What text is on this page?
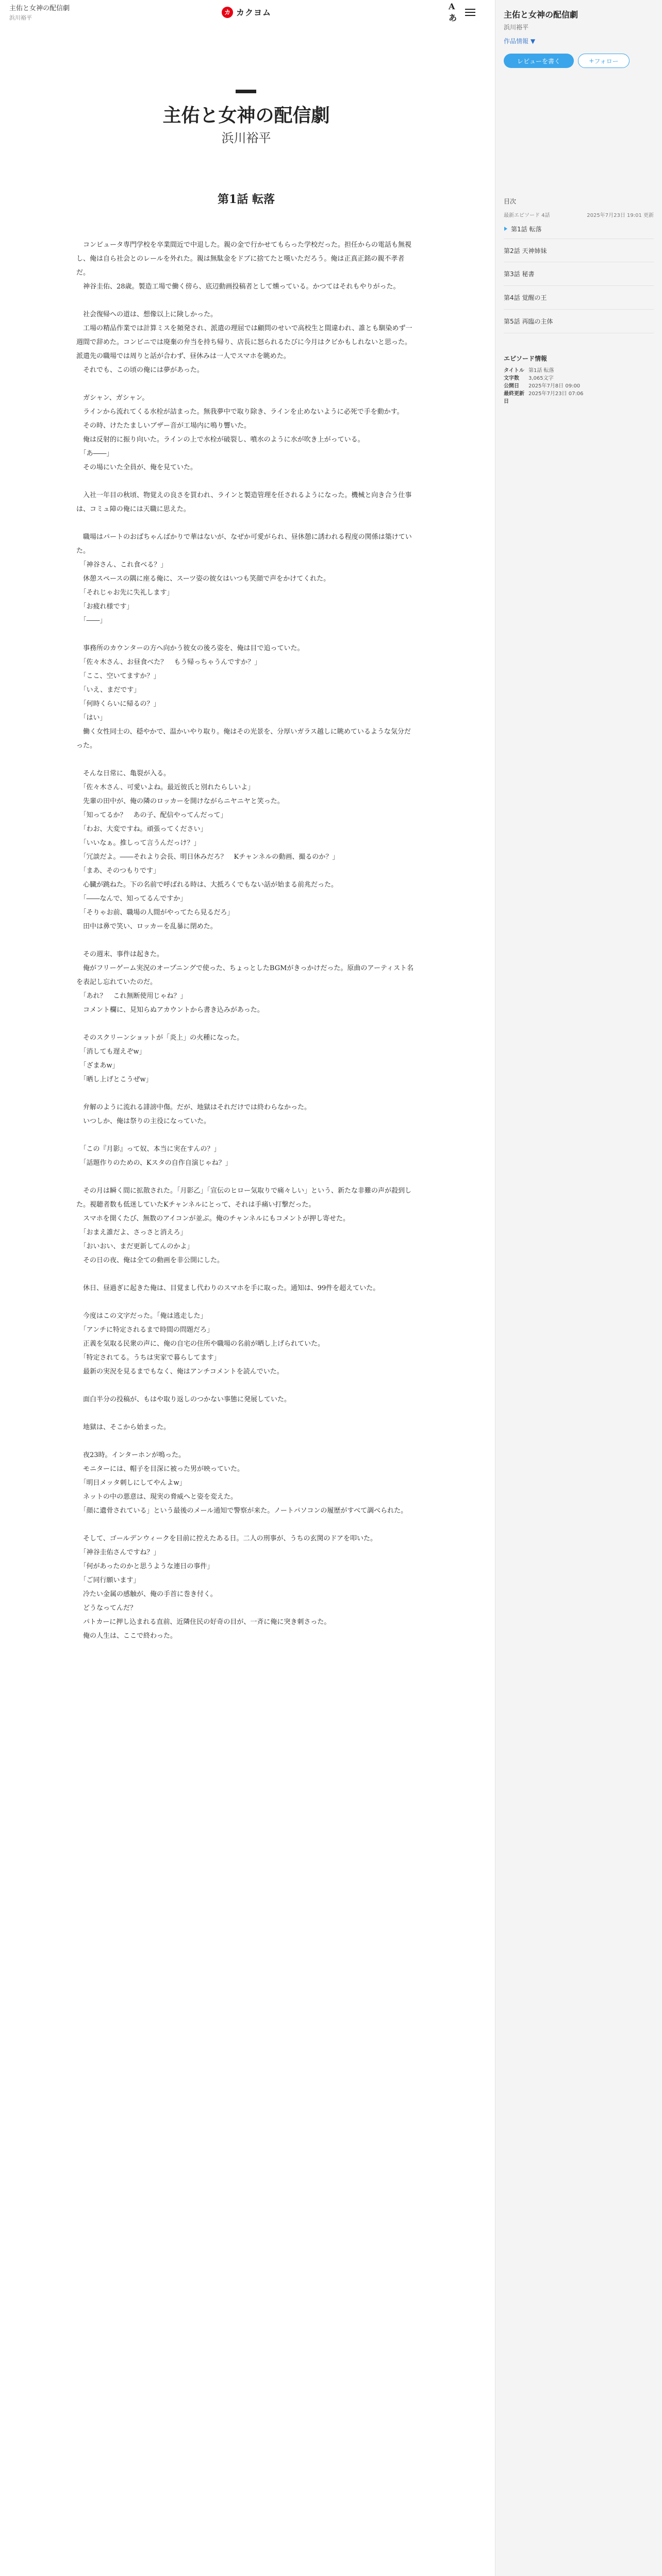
主佑と女神の配信劇
浜川裕平
カ カクヨム
Aあ
主佑と女神の配信劇
浜川裕平
第1話 転落

　コンビュータ専門学校を卒業間近で中退した。親の金で行かせてもらった学校だった。担任からの電話も無視し、俺は自ら社会とのレールを外れた。親は無駄金をドブに捨てたと嘆いただろう。俺は正真正銘の親不孝者だ。

　神谷圭佑、28歳。製造工場で働く傍ら、底辺動画投稿者として燻っている。かつてはそれもやりがった。

　社会復帰への道は、想像以上に険しかった。

　工場の精品作業では計算ミスを頻発され、派遣の理屈では顧問のせいで高校生と間違われ、誰とも馴染めず一週間で辞めた。コンビニでは廃棄の弁当を持ち帰り、店長に怒られるたびに今月はクビかもしれないと思った。派遣先の職場では周りと話が合わず、昼休みは一人でスマホを眺めた。

　それでも、この頃の俺には夢があった。

　ガシャン、ガシャン。

　ラインから流れてくる水栓が詰まった。無我夢中で取り除き、ラインを止めないように必死で手を動かす。

　その時、けたたましいブザー音が工場内に鳴り響いた。

　俺は反射的に振り向いた。ラインの上で水栓が破裂し、噴水のように水が吹き上がっている。

　「あ――」

　その場にいた全員が、俺を見ていた。

　入社一年目の秋頃、物覚えの良さを買われ、ラインと製造管理を任されるようになった。機械と向き合う仕事は、コミュ障の俺には天職に思えた。

　職場はパートのおばちゃんばかりで華はないが、なぜか可愛がられ、昼休憩に誘われる程度の関係は築けていた。

　「神谷さん、これ食べる？」

　休憩スペースの隅に座る俺に、スーツ姿の彼女はいつも笑顔で声をかけてくれた。

　「それじゃお先に失礼します」

　「お疲れ様です」

　「――」

　事務所のカウンターの方へ向かう彼女の後ろ姿を、俺は目で追っていた。

　「佐々木さん、お昼食べた？　もう帰っちゃうんですか？」

　「ここ、空いてますか？」

　「いえ、まだです」

　「何時くらいに帰るの？」

　「はい」

　働く女性同士の、穏やかで、温かいやり取り。俺はその光景を、分厚いガラス越しに眺めているような気分だった。

　そんな日常に、亀裂が入る。

　「佐々木さん、可愛いよね。最近彼氏と別れたらしいよ」

　先輩の田中が、俺の隣のロッカーを開けながらニヤニヤと笑った。

　「知ってるか？　あの子、配信やってんだって」

　「わお、大変ですね。頑張ってください」

　「いいなぁ。推しって言うんだっけ？」

　「冗談だよ。――それより会長、明日休みだろ？　Kチャンネルの動画、撮るのか？」

　「まあ、そのつもりです」

　心臓が跳ねた。下の名前で呼ばれる時は、大抵ろくでもない話が始まる前兆だった。

　「――なんで、知ってるんですか」

　「そりゃお前、職場の人間がやってたら見るだろ」

　田中は鼻で笑い、ロッカーを乱暴に閉めた。

　その週末、事件は起きた。

　俺がフリーゲーム実況のオープニングで使った、ちょっとしたBGMがきっかけだった。原曲のアーティスト名を表記し忘れていたのだ。

　「あれ？　これ無断使用じゃね？」

　コメント欄に、見知らぬアカウントから書き込みがあった。

　そのスクリーンショットが「炎上」の火種になった。

　「消しても遅えぞw」

　「ざまあw」

　「晒し上げとこうぜw」

　弁解のように流れる誹謗中傷。だが、地獄はそれだけでは終わらなかった。

　いつしか、俺は祭りの主役になっていた。

　「この『月影』って奴、本当に実在すんの？」

　「話題作りのための、Kスタの自作自演じゃね？」

　その月は瞬く間に拡散された。「月影乙」「宣伝のヒロー気取りで痛々しい」という、新たな非難の声が殺到した。視聴者数も低迷していたKチャンネルにとって、それは手痛い打撃だった。

　スマホを開くたび、無数のアイコンが並ぶ。俺のチャンネルにもコメントが押し寄せた。

　「おまえ誰だよ、さっさと消えろ」

　「おいおい、まだ更新してんのかよ」

　その日の夜、俺は全ての動画を非公開にした。

　休日、昼過ぎに起きた俺は、目覚まし代わりのスマホを手に取った。通知は、99件を超えていた。

　今度はこの文字だった。「俺は逃走した」

　「アンチに特定されるまで時間の問題だろ」

　正義を気取る民衆の声に、俺の自宅の住所や職場の名前が晒し上げられていた。

　「特定されてる。うちは実家で暮らしてます」

　最新の実況を見るまでもなく、俺はアンチコメントを読んでいた。

　面白半分の投稿が、もはや取り返しのつかない事態に発展していた。

　地獄は、そこから始まった。

　夜23時。インターホンが鳴った。

　モニターには、帽子を目深に被った男が映っていた。

　「明日メッタ刺しにしてやんよw」

　ネットの中の悪意は、現実の脅威へと姿を変えた。

　「顔に遺骨されている」という最後のメール通知で警察が来た。ノートパソコンの履歴がすべて調べられた。

　そして、ゴールデンウィークを目前に控えたある日。二人の刑事が、うちの玄関のドアを叩いた。

　「神谷圭佑さんですね？」

　「何があったのかと思うような連日の事件」

　「ご同行願います」

　冷たい金属の感触が、俺の手首に巻き付く。

　どうなってんだ？

　パトカーに押し込まれる直前、近隣住民の好奇の目が、一斉に俺に突き刺さった。

　俺の人生は、ここで終わった。

主佑と女神の配信劇
浜川裕平
作品情報 ▼
レビューを書く	+ フォロー
目次
最新エピソード 4話	2025年7月23日 19:01 更新
第1話 転落
第2話 天神姉妹
第3話 秘書
第4話 覚醒の王
第5話 再臨の主体
エピソード情報
タイトル 第1話 転落
文字数	3,065文字
公開日	2025年7月8日 09:00
最終更新日
2025年7月23日 07:06
